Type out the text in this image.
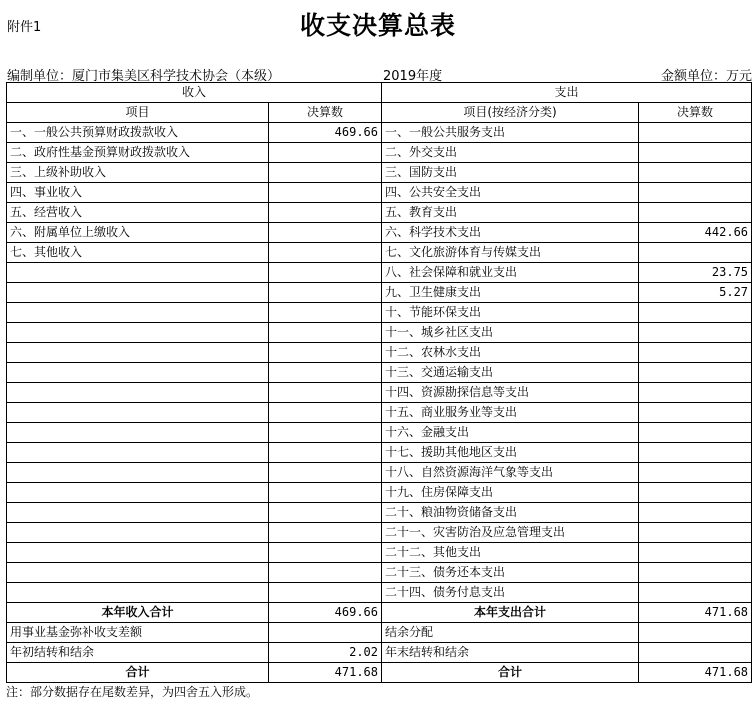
附件1	收支决算总表
编制单位：厦门市集美区科学技术协会（本级）	2019年度	金额单位：万元
收入		支出	
项目	决算数	项目(按经济分类)	决算数
一、一般公共预算财政拨款收入	469.66	一、一般公共服务支出	
二、政府性基金预算财政拨款收入		二、外交支出	
三、上级补助收入		三、国防支出	
四、事业收入		四、公共安全支出	
五、经营收入		五、教育支出	
六、附属单位上缴收入		六、科学技术支出	442.66
七、其他收入		七、文化旅游体育与传媒支出	
		八、社会保障和就业支出	23.75
		九、卫生健康支出	5.27
		十、节能环保支出	
		十一、城乡社区支出	
		十二、农林水支出	
		十三、交通运输支出	
		十四、资源勘探信息等支出	
		十五、商业服务业等支出	
		十六、金融支出	
		十七、援助其他地区支出	
		十八、自然资源海洋气象等支出	
		十九、住房保障支出	
		二十、粮油物资储备支出	
		二十一、灾害防治及应急管理支出	
		二十二、其他支出	
		二十三、债务还本支出	
		二十四、债务付息支出	
本年收入合计	469.66	本年支出合计	471.68
用事业基金弥补收支差额		结余分配	
年初结转和结余	2.02	年末结转和结余	
合计	471.68	合计	471.68
注：部分数据存在尾数差异，为四舍五入形成。
